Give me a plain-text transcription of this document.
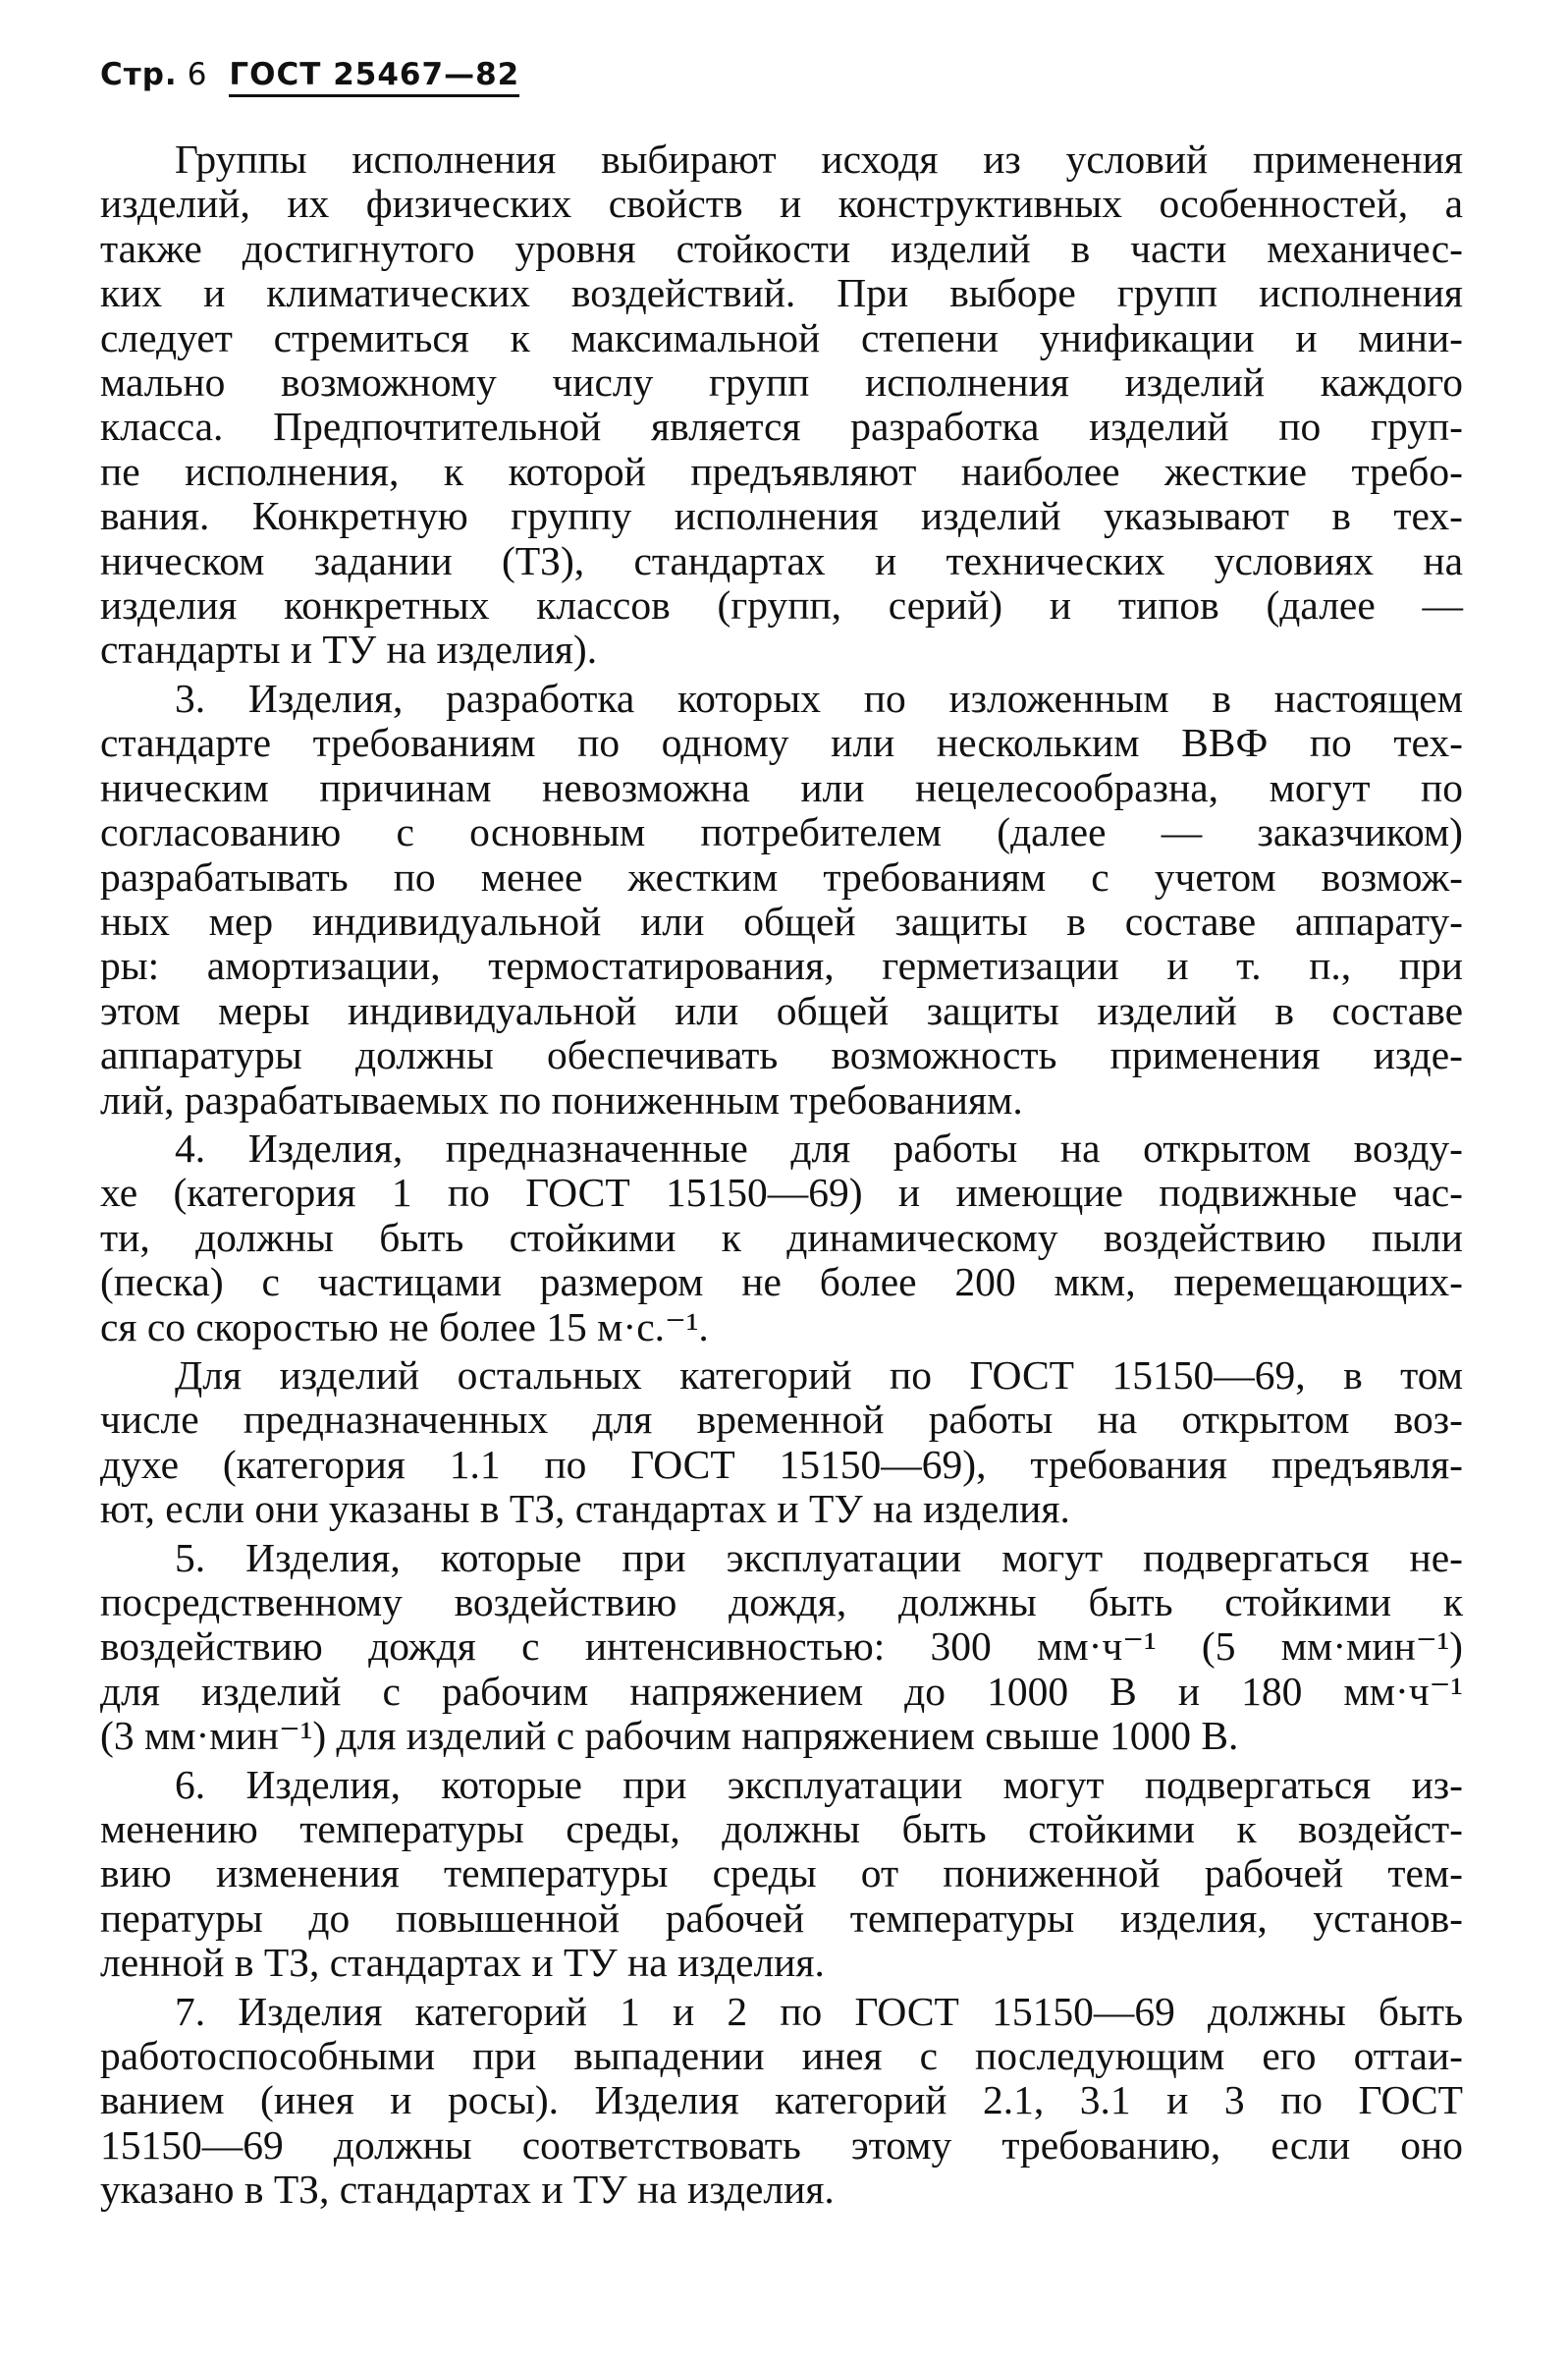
Стр. 6 ГОСТ 25467—82
Группы исполнения выбирают исходя из условий применения
изделий, их физических свойств и конструктивных особенностей, а
также достигнутого уровня стойкости изделий в части механичес-
ких и климатических воздействий. При выборе групп исполнения
следует стремиться к максимальной степени унификации и мини-
мально возможному числу групп исполнения изделий каждого
класса. Предпочтительной является разработка изделий по груп-
пе исполнения, к которой предъявляют наиболее жесткие требо-
вания. Конкретную группу исполнения изделий указывают в тех-
ническом задании (ТЗ), стандартах и технических условиях на
изделия конкретных классов (групп, серий) и типов (далее —
стандарты и ТУ на изделия).
3. Изделия, разработка которых по изложенным в настоящем
стандарте требованиям по одному или нескольким ВВФ по тех-
ническим причинам невозможна или нецелесообразна, могут по
согласованию с основным потребителем (далее — заказчиком)
разрабатывать по менее жестким требованиям с учетом возмож-
ных мер индивидуальной или общей защиты в составе аппарату-
ры: амортизации, термостатирования, герметизации и т. п., при
этом меры индивидуальной или общей защиты изделий в составе
аппаратуры должны обеспечивать возможность применения изде-
лий, разрабатываемых по пониженным требованиям.
4. Изделия, предназначенные для работы на открытом возду-
хе (категория 1 по ГОСТ 15150—69) и имеющие подвижные час-
ти, должны быть стойкими к динамическому воздействию пыли
(песка) с частицами размером не более 200 мкм, перемещающих-
ся со скоростью не более 15 м·с.⁻¹.
Для изделий остальных категорий по ГОСТ 15150—69, в том
числе предназначенных для временной работы на открытом воз-
духе (категория 1.1 по ГОСТ 15150—69), требования предъявля-
ют, если они указаны в ТЗ, стандартах и ТУ на изделия.
5. Изделия, которые при эксплуатации могут подвергаться не-
посредственному воздействию дождя, должны быть стойкими к
воздействию дождя с интенсивностью: 300 мм·ч⁻¹ (5 мм·мин⁻¹)
для изделий с рабочим напряжением до 1000 В и 180 мм·ч⁻¹
(3 мм·мин⁻¹) для изделий с рабочим напряжением свыше 1000 В.
6. Изделия, которые при эксплуатации могут подвергаться из-
менению температуры среды, должны быть стойкими к воздейст-
вию изменения температуры среды от пониженной рабочей тем-
пературы до повышенной рабочей температуры изделия, установ-
ленной в ТЗ, стандартах и ТУ на изделия.
7. Изделия категорий 1 и 2 по ГОСТ 15150—69 должны быть
работоспособными при выпадении инея с последующим его оттаи-
ванием (инея и росы). Изделия категорий 2.1, 3.1 и 3 по ГОСТ
15150—69 должны соответствовать этому требованию, если оно
указано в ТЗ, стандартах и ТУ на изделия.
